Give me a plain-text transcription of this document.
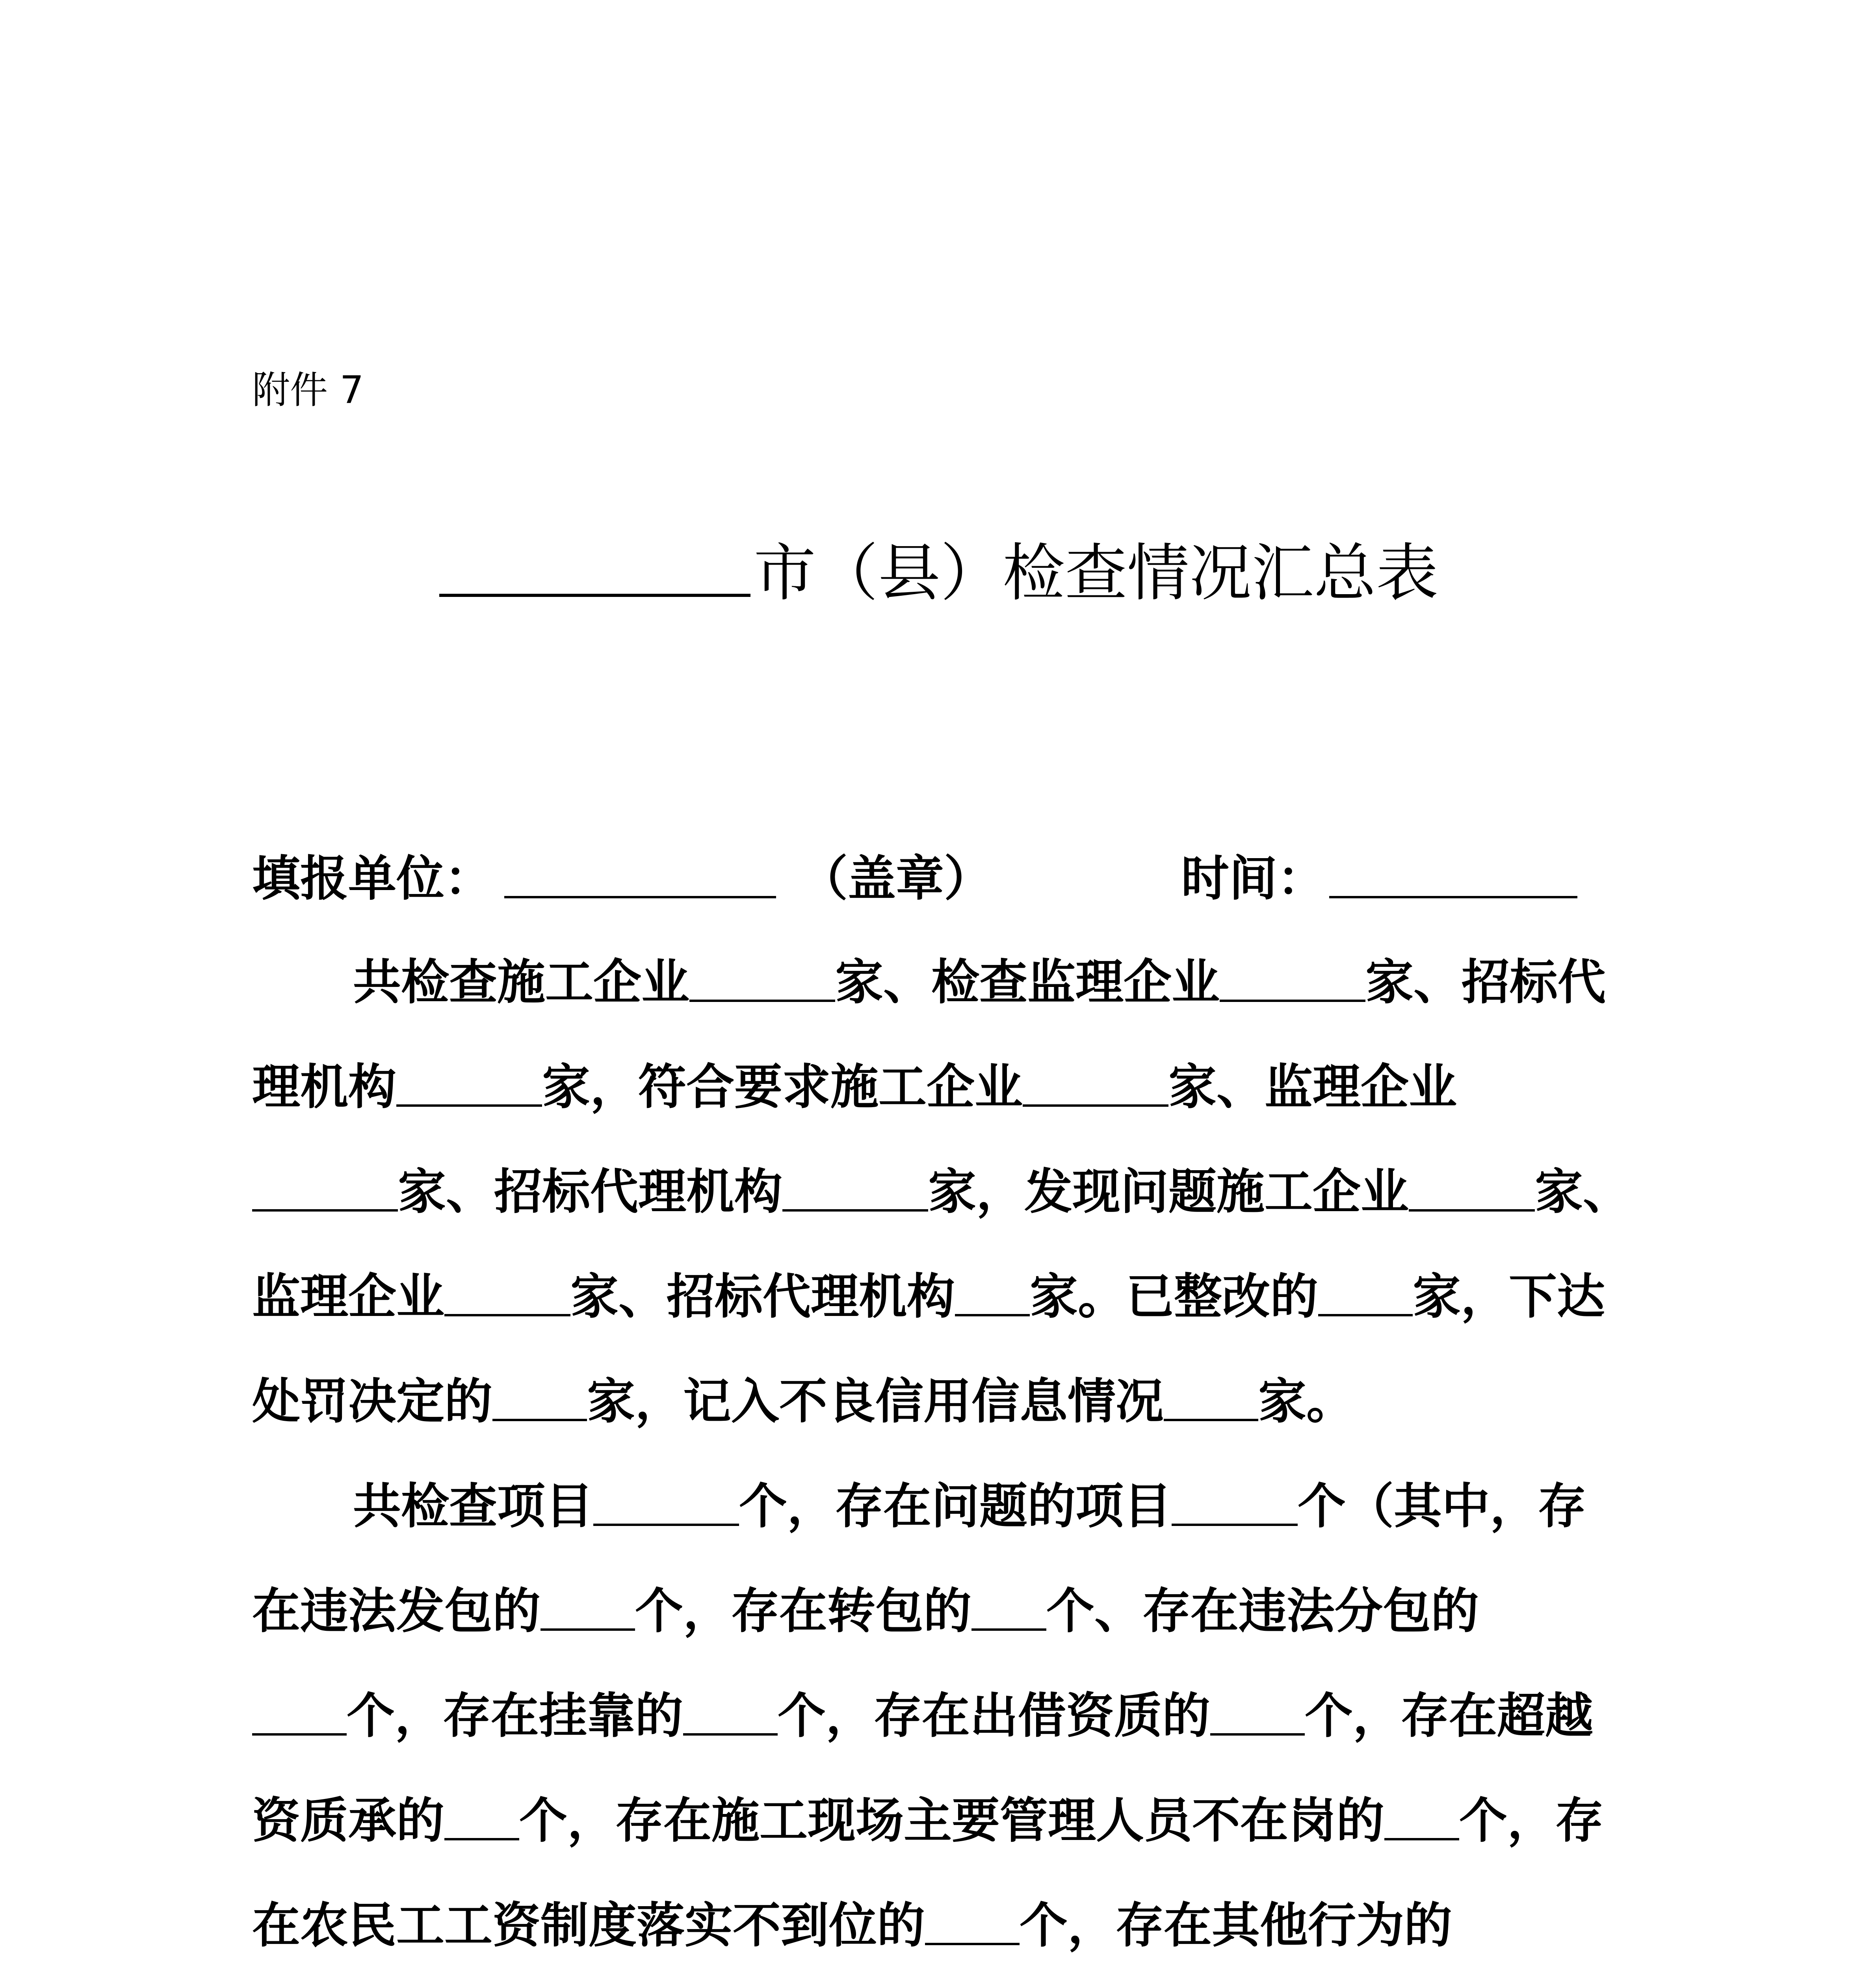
附件 7
市（县）检查情况汇总表
填报单位：	（盖章）	时间：
共检查施工企业	家、检查监理企业	家、招标代
理机构	家，符合要求施工企业	家、监理企业
家、招标代理机构	家，发现问题施工企业	家、
监理企业	家、招标代理机构 家。已整改的 家，下达
处罚决定的 家，记入不良信用信息情况 家。
共检查项目	个，存在问题的项目	个（其中，存
在违法发包的 个，存在转包的 个、存在违法分包的
个，存在挂靠的 个，存在出借资质的 个，存在超越
资质承的 个，存在施工现场主要管理人员不在岗的 个，存
在农民工工资制度落实不到位的 个，存在其他行为的
